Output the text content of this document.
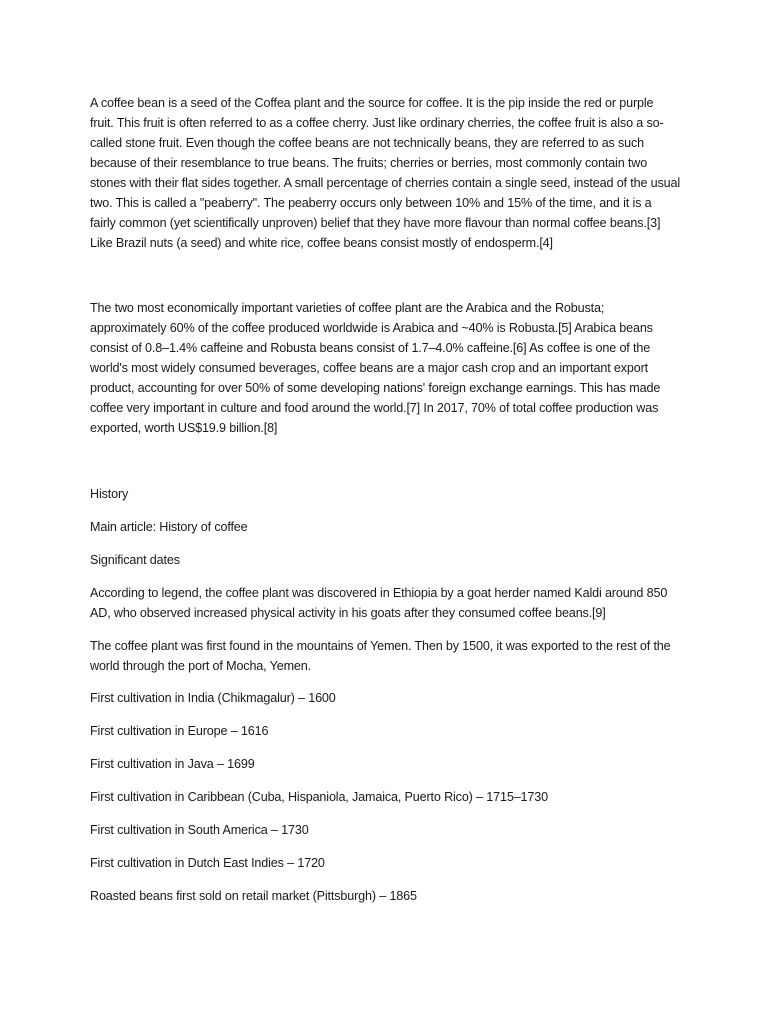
A coffee bean is a seed of the Coffea plant and the source for coffee. It is the pip inside the red or purple fruit. This fruit is often referred to as a coffee cherry. Just like ordinary cherries, the coffee fruit is also a so-called stone fruit. Even though the coffee beans are not technically beans, they are referred to as such because of their resemblance to true beans. The fruits; cherries or berries, most commonly contain two stones with their flat sides together. A small percentage of cherries contain a single seed, instead of the usual two. This is called a "peaberry". The peaberry occurs only between 10% and 15% of the time, and it is a fairly common (yet scientifically unproven) belief that they have more flavour than normal coffee beans.[3] Like Brazil nuts (a seed) and white rice, coffee beans consist mostly of endosperm.[4]

The two most economically important varieties of coffee plant are the Arabica and the Robusta; approximately 60% of the coffee produced worldwide is Arabica and ~40% is Robusta.[5] Arabica beans consist of 0.8–1.4% caffeine and Robusta beans consist of 1.7–4.0% caffeine.[6] As coffee is one of the world's most widely consumed beverages, coffee beans are a major cash crop and an important export product, accounting for over 50% of some developing nations' foreign exchange earnings. This has made coffee very important in culture and food around the world.[7] In 2017, 70% of total coffee production was exported, worth US$19.9 billion.[8]

History

Main article: History of coffee

Significant dates

According to legend, the coffee plant was discovered in Ethiopia by a goat herder named Kaldi around 850 AD, who observed increased physical activity in his goats after they consumed coffee beans.[9]

The coffee plant was first found in the mountains of Yemen. Then by 1500, it was exported to the rest of the world through the port of Mocha, Yemen.

First cultivation in India (Chikmagalur) – 1600

First cultivation in Europe – 1616

First cultivation in Java – 1699

First cultivation in Caribbean (Cuba, Hispaniola, Jamaica, Puerto Rico) – 1715–1730

First cultivation in South America – 1730

First cultivation in Dutch East Indies – 1720

Roasted beans first sold on retail market (Pittsburgh) – 1865
